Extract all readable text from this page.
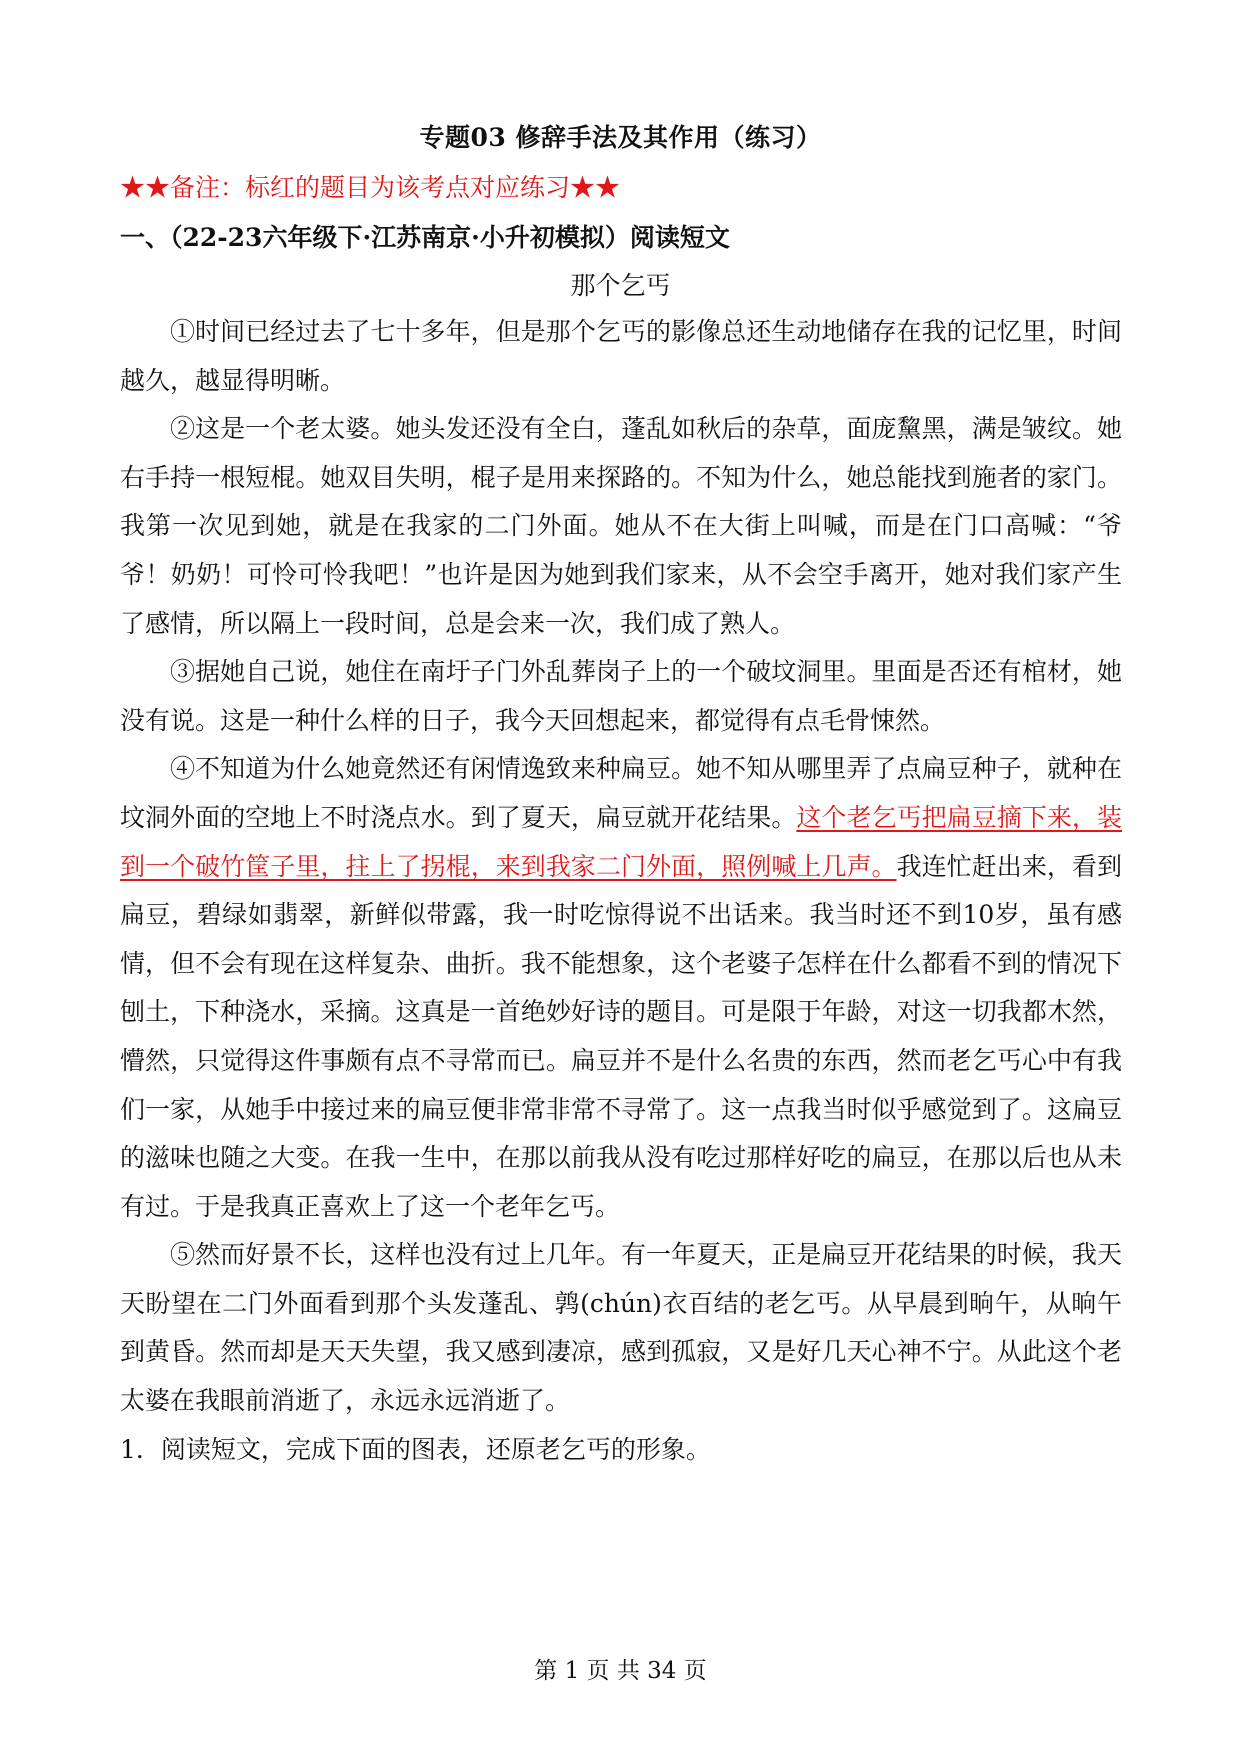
专题03 修辞手法及其作用（练习）
★★备注：标红的题目为该考点对应练习★★
一、（22-23六年级下·江苏南京·小升初模拟）阅读短文
那个乞丐

①时间已经过去了七十多年，但是那个乞丐的影像总还生动地储存在我的记忆里，时间越久，越显得明晰。

②这是一个老太婆。她头发还没有全白，蓬乱如秋后的杂草，面庞黧黑，满是皱纹。她右手持一根短棍。她双目失明，棍子是用来探路的。不知为什么，她总能找到施者的家门。我第一次见到她，就是在我家的二门外面。她从不在大街上叫喊，而是在门口高喊：“爷爷！奶奶！可怜可怜我吧！”也许是因为她到我们家来，从不会空手离开，她对我们家产生了感情，所以隔上一段时间，总是会来一次，我们成了熟人。

③据她自己说，她住在南圩子门外乱葬岗子上的一个破坟洞里。里面是否还有棺材，她没有说。这是一种什么样的日子，我今天回想起来，都觉得有点毛骨悚然。

④不知道为什么她竟然还有闲情逸致来种扁豆。她不知从哪里弄了点扁豆种子，就种在坟洞外面的空地上不时浇点水。到了夏天，扁豆就开花结果。这个老乞丐把扁豆摘下来，装到一个破竹筐子里，拄上了拐棍，来到我家二门外面，照例喊上几声。我连忙赶出来，看到扁豆，碧绿如翡翠，新鲜似带露，我一时吃惊得说不出话来。我当时还不到10岁，虽有感情，但不会有现在这样复杂、曲折。我不能想象，这个老婆子怎样在什么都看不到的情况下刨土，下种浇水，采摘。这真是一首绝妙好诗的题目。可是限于年龄，对这一切我都木然，懵然，只觉得这件事颇有点不寻常而已。扁豆并不是什么名贵的东西，然而老乞丐心中有我们一家，从她手中接过来的扁豆便非常非常不寻常了。这一点我当时似乎感觉到了。这扁豆的滋味也随之大变。在我一生中，在那以前我从没有吃过那样好吃的扁豆，在那以后也从未有过。于是我真正喜欢上了这一个老年乞丐。

⑤然而好景不长，这样也没有过上几年。有一年夏天，正是扁豆开花结果的时候，我天天盼望在二门外面看到那个头发蓬乱、鹑(chún)衣百结的老乞丐。从早晨到晌午，从晌午到黄昏。然而却是天天失望，我又感到凄凉，感到孤寂，又是好几天心神不宁。从此这个老太婆在我眼前消逝了，永远永远消逝了。

1．阅读短文，完成下面的图表，还原老乞丐的形象。

第 1 页 共 34 页
